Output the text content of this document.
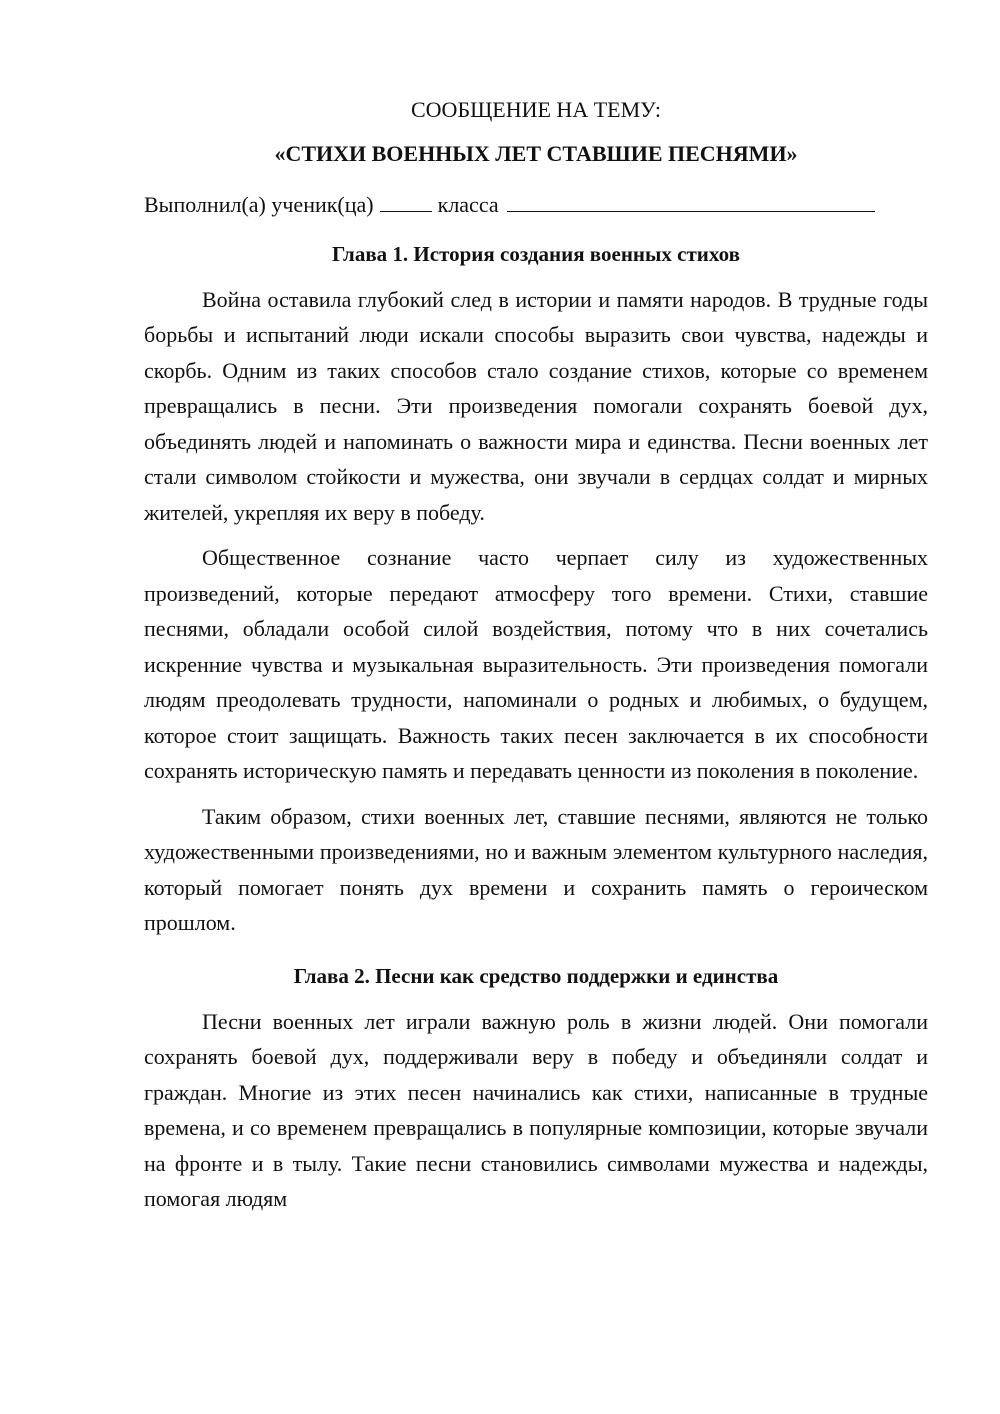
СООБЩЕНИЕ НА ТЕМУ:

«СТИХИ ВОЕННЫХ ЛЕТ СТАВШИЕ ПЕСНЯМИ»

Выполнил(а) ученик(ца)	класса

Глава 1. История создания военных стихов

Война оставила глубокий след в истории и памяти народов. В трудные годы борьбы и испытаний люди искали способы выразить свои чувства, надежды и скорбь. Одним из таких способов стало создание стихов, которые со временем превращались в песни. Эти произведения помогали сохранять боевой дух, объединять людей и напоминать о важности мира и единства. Песни военных лет стали символом стойкости и мужества, они звучали в сердцах солдат и мирных жителей, укрепляя их веру в победу.

Общественное сознание часто черпает силу из художественных произведений, которые передают атмосферу того времени. Стихи, ставшие песнями, обладали особой силой воздействия, потому что в них сочетались искренние чувства и музыкальная выразительность. Эти произведения помогали людям преодолевать трудности, напоминали о родных и любимых, о будущем, которое стоит защищать. Важность таких песен заключается в их способности сохранять историческую память и передавать ценности из поколения в поколение.

Таким образом, стихи военных лет, ставшие песнями, являются не только художественными произведениями, но и важным элементом культурного наследия, который помогает понять дух времени и сохранить память о героическом прошлом.

Глава 2. Песни как средство поддержки и единства

Песни военных лет играли важную роль в жизни людей. Они помогали сохранять боевой дух, поддерживали веру в победу и объединяли солдат и граждан. Многие из этих песен начинались как стихи, написанные в трудные времена, и со временем превращались в популярные композиции, которые звучали на фронте и в тылу. Такие песни становились символами мужества и надежды, помогая людям
